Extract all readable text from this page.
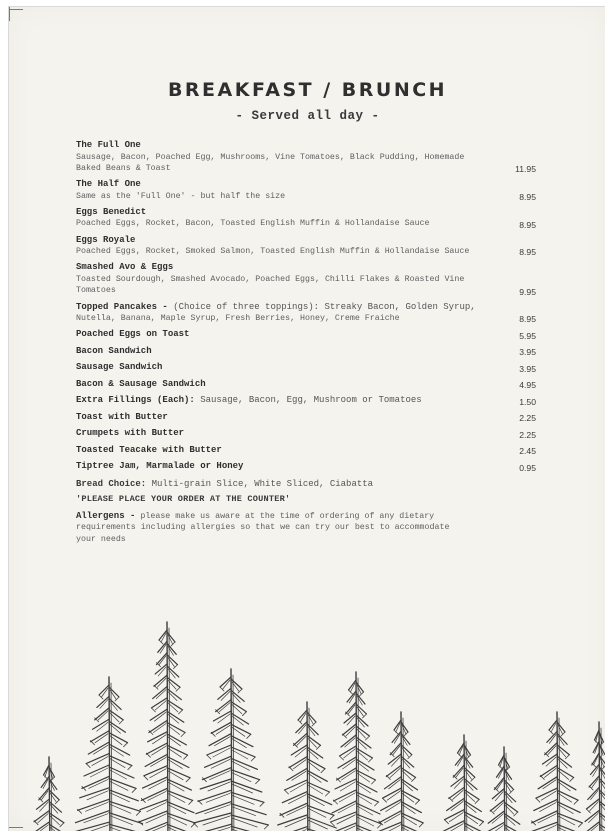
BREAKFAST / BRUNCH
- Served all day -
The Full One
Sausage, Bacon, Poached Egg, Mushrooms, Vine Tomatoes, Black Pudding, Homemade Baked Beans & Toast	11.95
The Half One
Same as the 'Full One' - but half the size	8.95
Eggs Benedict
Poached Eggs, Rocket, Bacon, Toasted English Muffin & Hollandaise Sauce	8.95
Eggs Royale
Poached Eggs, Rocket, Smoked Salmon, Toasted English Muffin & Hollandaise Sauce	8.95
Smashed Avo & Eggs
Toasted Sourdough, Smashed Avocado, Poached Eggs, Chilli Flakes & Roasted Vine Tomatoes	9.95
Topped Pancakes - (Choice of three toppings): Streaky Bacon, Golden Syrup,
Nutella, Banana, Maple Syrup, Fresh Berries, Honey, Creme Fraiche	8.95
Poached Eggs on Toast	5.95
Bacon Sandwich	3.95
Sausage Sandwich	3.95
Bacon & Sausage Sandwich	4.95
Extra Fillings (Each): Sausage, Bacon, Egg, Mushroom or Tomatoes	1.50
Toast with Butter	2.25
Crumpets with Butter	2.25
Toasted Teacake with Butter	2.45
Tiptree Jam, Marmalade or Honey	0.95
Bread Choice: Multi-grain Slice, White Sliced, Ciabatta
'PLEASE PLACE YOUR ORDER AT THE COUNTER'
Allergens - please make us aware at the time of ordering of any dietary requirements including allergies so that we can try our best to accommodate your needs
